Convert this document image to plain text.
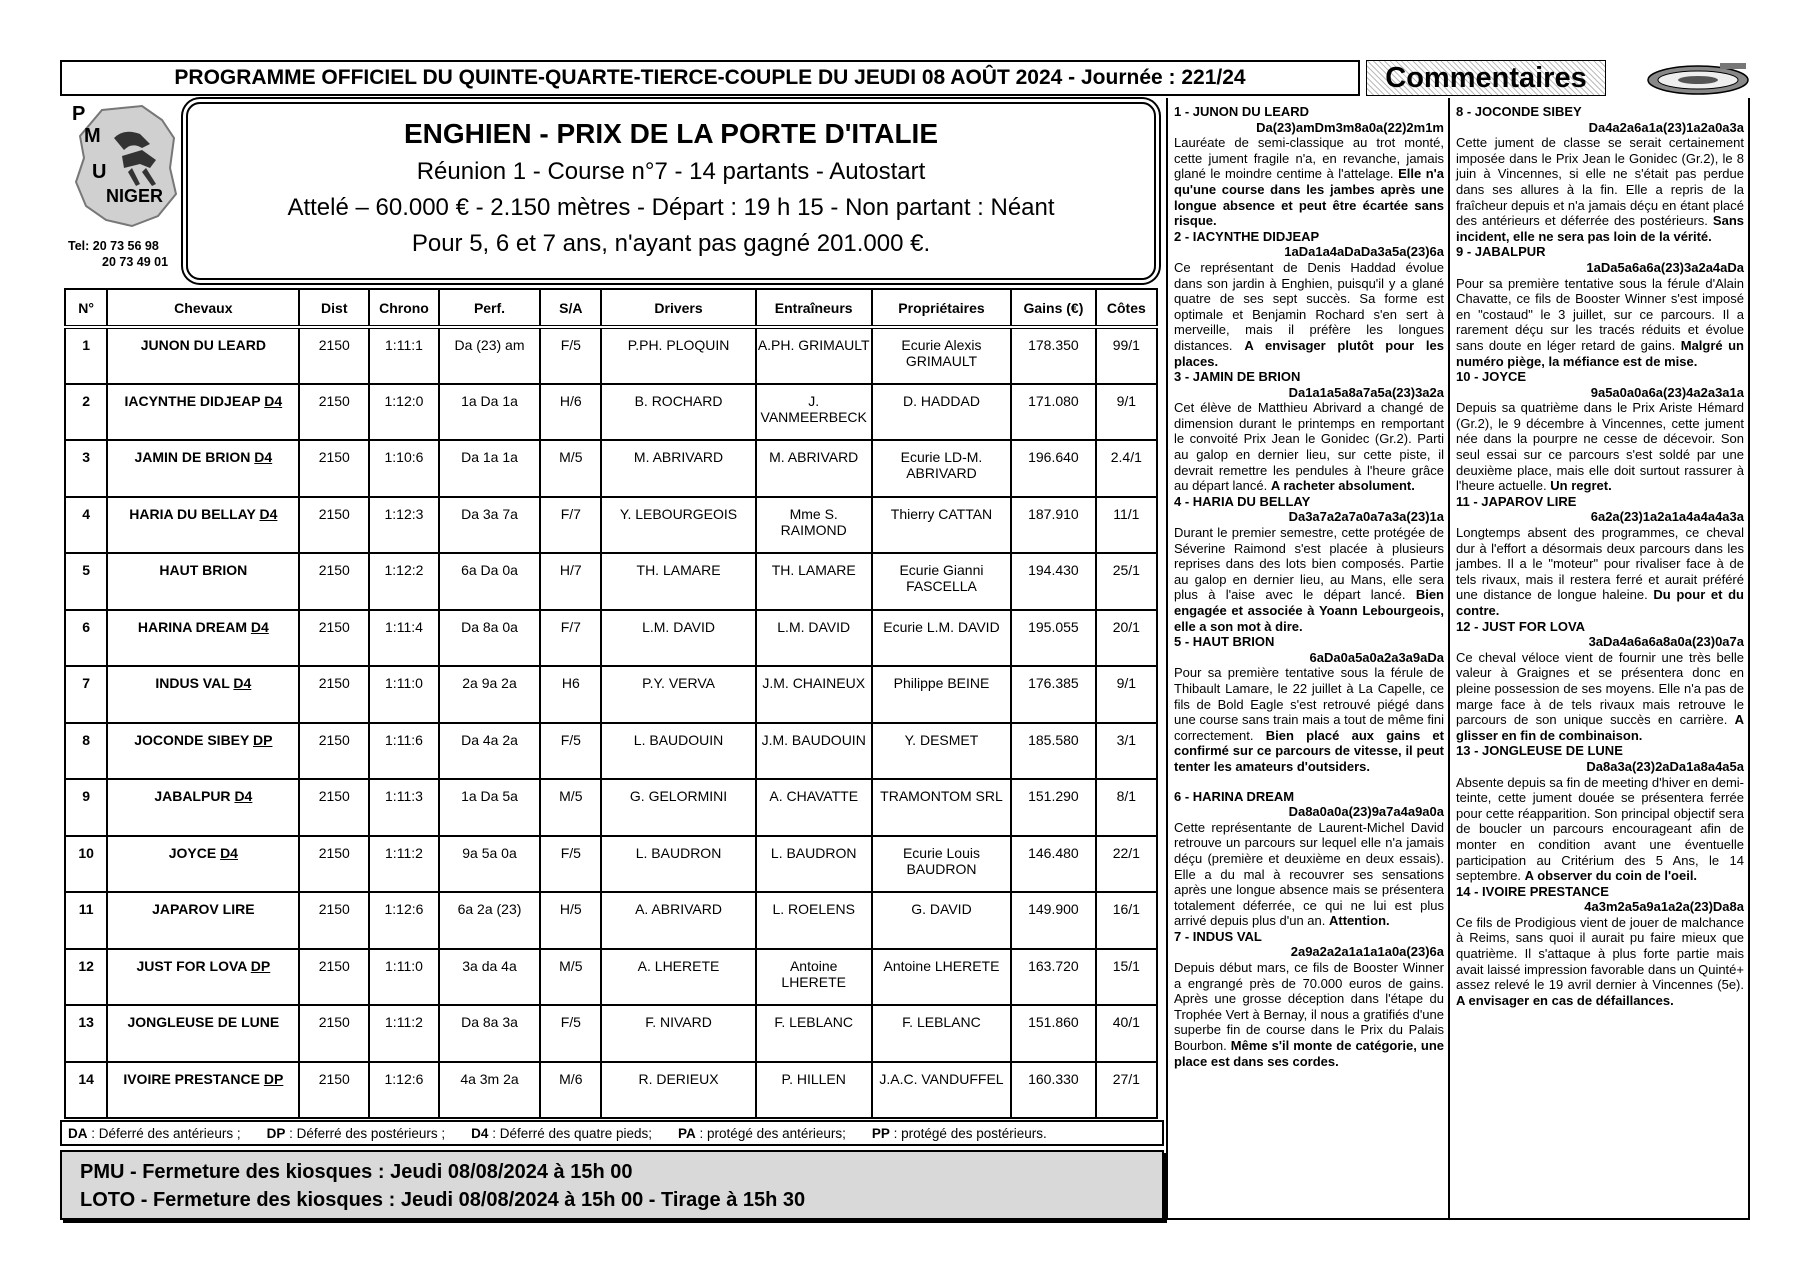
PROGRAMME OFFICIEL DU QUINTE-QUARTE-TIERCE-COUPLE DU JEUDI 08 AOÛT 2024 - Journée : 221/24	Commentaires
P
M
U
NIGER
Tel: 20 73 56 98
20 73 49 01
ENGHIEN - PRIX DE LA PORTE D'ITALIE
Réunion 1 - Course n°7 - 14 partants - Autostart
Attelé – 60.000 € - 2.150 mètres - Départ : 19 h 15 - Non partant : Néant
Pour 5, 6 et 7 ans, n'ayant pas gagné 201.000 €.
N°	Chevaux	Dist	Chrono	Perf.	S/A	Drivers	Entraîneurs	Propriétaires	Gains (€)	Côtes
1	JUNON DU LEARD	2150	1:11:1	Da (23) am	F/5	P.PH. PLOQUIN	A.PH. GRIMAULT	Ecurie Alexis GRIMAULT	178.350	99/1
2	IACYNTHE DIDJEAP D4	2150	1:12:0	1a Da 1a	H/6	B. ROCHARD	J. VANMEERBECK	D. HADDAD	171.080	9/1
3	JAMIN DE BRION D4	2150	1:10:6	Da 1a 1a	M/5	M. ABRIVARD	M. ABRIVARD	Ecurie LD-M. ABRIVARD	196.640	2.4/1
4	HARIA DU BELLAY D4	2150	1:12:3	Da 3a 7a	F/7	Y. LEBOURGEOIS	Mme S. RAIMOND	Thierry CATTAN	187.910	11/1
5	HAUT BRION	2150	1:12:2	6a Da 0a	H/7	TH. LAMARE	TH. LAMARE	Ecurie Gianni FASCELLA	194.430	25/1
6	HARINA DREAM D4	2150	1:11:4	Da 8a 0a	F/7	L.M. DAVID	L.M. DAVID	Ecurie L.M. DAVID	195.055	20/1
7	INDUS VAL D4	2150	1:11:0	2a 9a 2a	H6	P.Y. VERVA	J.M. CHAINEUX	Philippe BEINE	176.385	9/1
8	JOCONDE SIBEY DP	2150	1:11:6	Da 4a 2a	F/5	L. BAUDOUIN	J.M. BAUDOUIN	Y. DESMET	185.580	3/1
9	JABALPUR D4	2150	1:11:3	1a Da 5a	M/5	G. GELORMINI	A. CHAVATTE	TRAMONTOM SRL	151.290	8/1
10	JOYCE D4	2150	1:11:2	9a 5a 0a	F/5	L. BAUDRON	L. BAUDRON	Ecurie Louis BAUDRON	146.480	22/1
11	JAPAROV LIRE	2150	1:12:6	6a 2a (23)	H/5	A. ABRIVARD	L. ROELENS	G. DAVID	149.900	16/1
12	JUST FOR LOVA DP	2150	1:11:0	3a da 4a	M/5	A. LHERETE	Antoine LHERETE	Antoine LHERETE	163.720	15/1
13	JONGLEUSE DE LUNE	2150	1:11:2	Da 8a 3a	F/5	F. NIVARD	F. LEBLANC	F. LEBLANC	151.860	40/1
14	IVOIRE PRESTANCE DP	2150	1:12:6	4a 3m 2a	M/6	R. DERIEUX	P. HILLEN	J.A.C. VANDUFFEL	160.330	27/1
DA : Déferré des antérieurs ; DP : Déferré des postérieurs ; D4 : Déferré des quatre pieds; PA : protégé des antérieurs; PP : protégé des postérieurs.
PMU - Fermeture des kiosques : Jeudi 08/08/2024 à 15h 00
LOTO - Fermeture des kiosques : Jeudi 08/08/2024 à 15h 00 - Tirage à 15h 30
1 - JUNON DU LEARD
Da(23)amDm3m8a0a(22)2m1m
Lauréate de semi-classique au trot monté, cette jument fragile n'a, en revanche, jamais glané le moindre centime à l'attelage. Elle n'a qu'une course dans les jambes après une longue absence et peut être écartée sans risque.
2 - IACYNTHE DIDJEAP
1aDa1a4aDaDa3a5a(23)6a
Ce représentant de Denis Haddad évolue dans son jardin à Enghien, puisqu'il y a glané quatre de ses sept succès. Sa forme est optimale et Benjamin Rochard s'en sert à merveille, mais il préfère les longues distances. A envisager plutôt pour les places.
3 - JAMIN DE BRION
Da1a1a5a8a7a5a(23)3a2a
Cet élève de Matthieu Abrivard a changé de dimension durant le printemps en remportant le convoité Prix Jean le Gonidec (Gr.2). Parti au galop en dernier lieu, sur cette piste, il devrait remettre les pendules à l'heure grâce au départ lancé. A racheter absolument.
4 - HARIA DU BELLAY
Da3a7a2a7a0a7a3a(23)1a
Durant le premier semestre, cette protégée de Séverine Raimond s'est placée à plusieurs reprises dans des lots bien composés. Partie au galop en dernier lieu, au Mans, elle sera plus à l'aise avec le départ lancé. Bien engagée et associée à Yoann Lebourgeois, elle a son mot à dire.
5 - HAUT BRION
6aDa0a5a0a2a3a9aDa
Pour sa première tentative sous la férule de Thibault Lamare, le 22 juillet à La Capelle, ce fils de Bold Eagle s'est retrouvé piégé dans une course sans train mais a tout de même fini correctement. Bien placé aux gains et confirmé sur ce parcours de vitesse, il peut tenter les amateurs d'outsiders.
6 - HARINA DREAM
Da8a0a0a(23)9a7a4a9a0a
Cette représentante de Laurent-Michel David retrouve un parcours sur lequel elle n'a jamais déçu (première et deuxième en deux essais). Elle a du mal à recouvrer ses sensations après une longue absence mais se présentera totalement déferrée, ce qui ne lui est plus arrivé depuis plus d'un an. Attention.
7 - INDUS VAL
2a9a2a2a1a1a1a0a(23)6a
Depuis début mars, ce fils de Booster Winner a engrangé près de 70.000 euros de gains. Après une grosse déception dans l'étape du Trophée Vert à Bernay, il nous a gratifiés d'une superbe fin de course dans le Prix du Palais Bourbon. Même s'il monte de catégorie, une place est dans ses cordes.
8 - JOCONDE SIBEY
Da4a2a6a1a(23)1a2a0a3a
Cette jument de classe se serait certainement imposée dans le Prix Jean le Gonidec (Gr.2), le 8 juin à Vincennes, si elle ne s'était pas perdue dans ses allures à la fin. Elle a repris de la fraîcheur depuis et n'a jamais déçu en étant placé des antérieurs et déferrée des postérieurs. Sans incident, elle ne sera pas loin de la vérité.
9 - JABALPUR
1aDa5a6a6a(23)3a2a4aDa
Pour sa première tentative sous la férule d'Alain Chavatte, ce fils de Booster Winner s'est imposé en "costaud" le 3 juillet, sur ce parcours. Il a rarement déçu sur les tracés réduits et évolue sans doute en léger retard de gains. Malgré un numéro piège, la méfiance est de mise.
10 - JOYCE
9a5a0a0a6a(23)4a2a3a1a
Depuis sa quatrième dans le Prix Ariste Hémard (Gr.2), le 9 décembre à Vincennes, cette jument née dans la pourpre ne cesse de décevoir. Son seul essai sur ce parcours s'est soldé par une deuxième place, mais elle doit surtout rassurer à l'heure actuelle. Un regret.
11 - JAPAROV LIRE
6a2a(23)1a2a1a4a4a4a3a
Longtemps absent des programmes, ce cheval dur à l'effort a désormais deux parcours dans les jambes. Il a le "moteur" pour rivaliser face à de tels rivaux, mais il restera ferré et aurait préféré une distance de longue haleine. Du pour et du contre.
12 - JUST FOR LOVA
3aDa4a6a6a8a0a(23)0a7a
Ce cheval véloce vient de fournir une très belle valeur à Graignes et se présentera donc en pleine possession de ses moyens. Elle n'a pas de marge face à de tels rivaux mais retrouve le parcours de son unique succès en carrière. A glisser en fin de combinaison.
13 - JONGLEUSE DE LUNE
Da8a3a(23)2aDa1a8a4a5a
Absente depuis sa fin de meeting d'hiver en demi-teinte, cette jument douée se présentera ferrée pour cette réapparition. Son principal objectif sera de boucler un parcours encourageant afin de monter en condition avant une éventuelle participation au Critérium des 5 Ans, le 14 septembre. A observer du coin de l'oeil.
14 - IVOIRE PRESTANCE
4a3m2a5a9a1a2a(23)Da8a
Ce fils de Prodigious vient de jouer de malchance à Reims, sans quoi il aurait pu faire mieux que quatrième. Il s'attaque à plus forte partie mais avait laissé impression favorable dans un Quinté+ assez relevé le 19 avril dernier à Vincennes (5e). A envisager en cas de défaillances.
